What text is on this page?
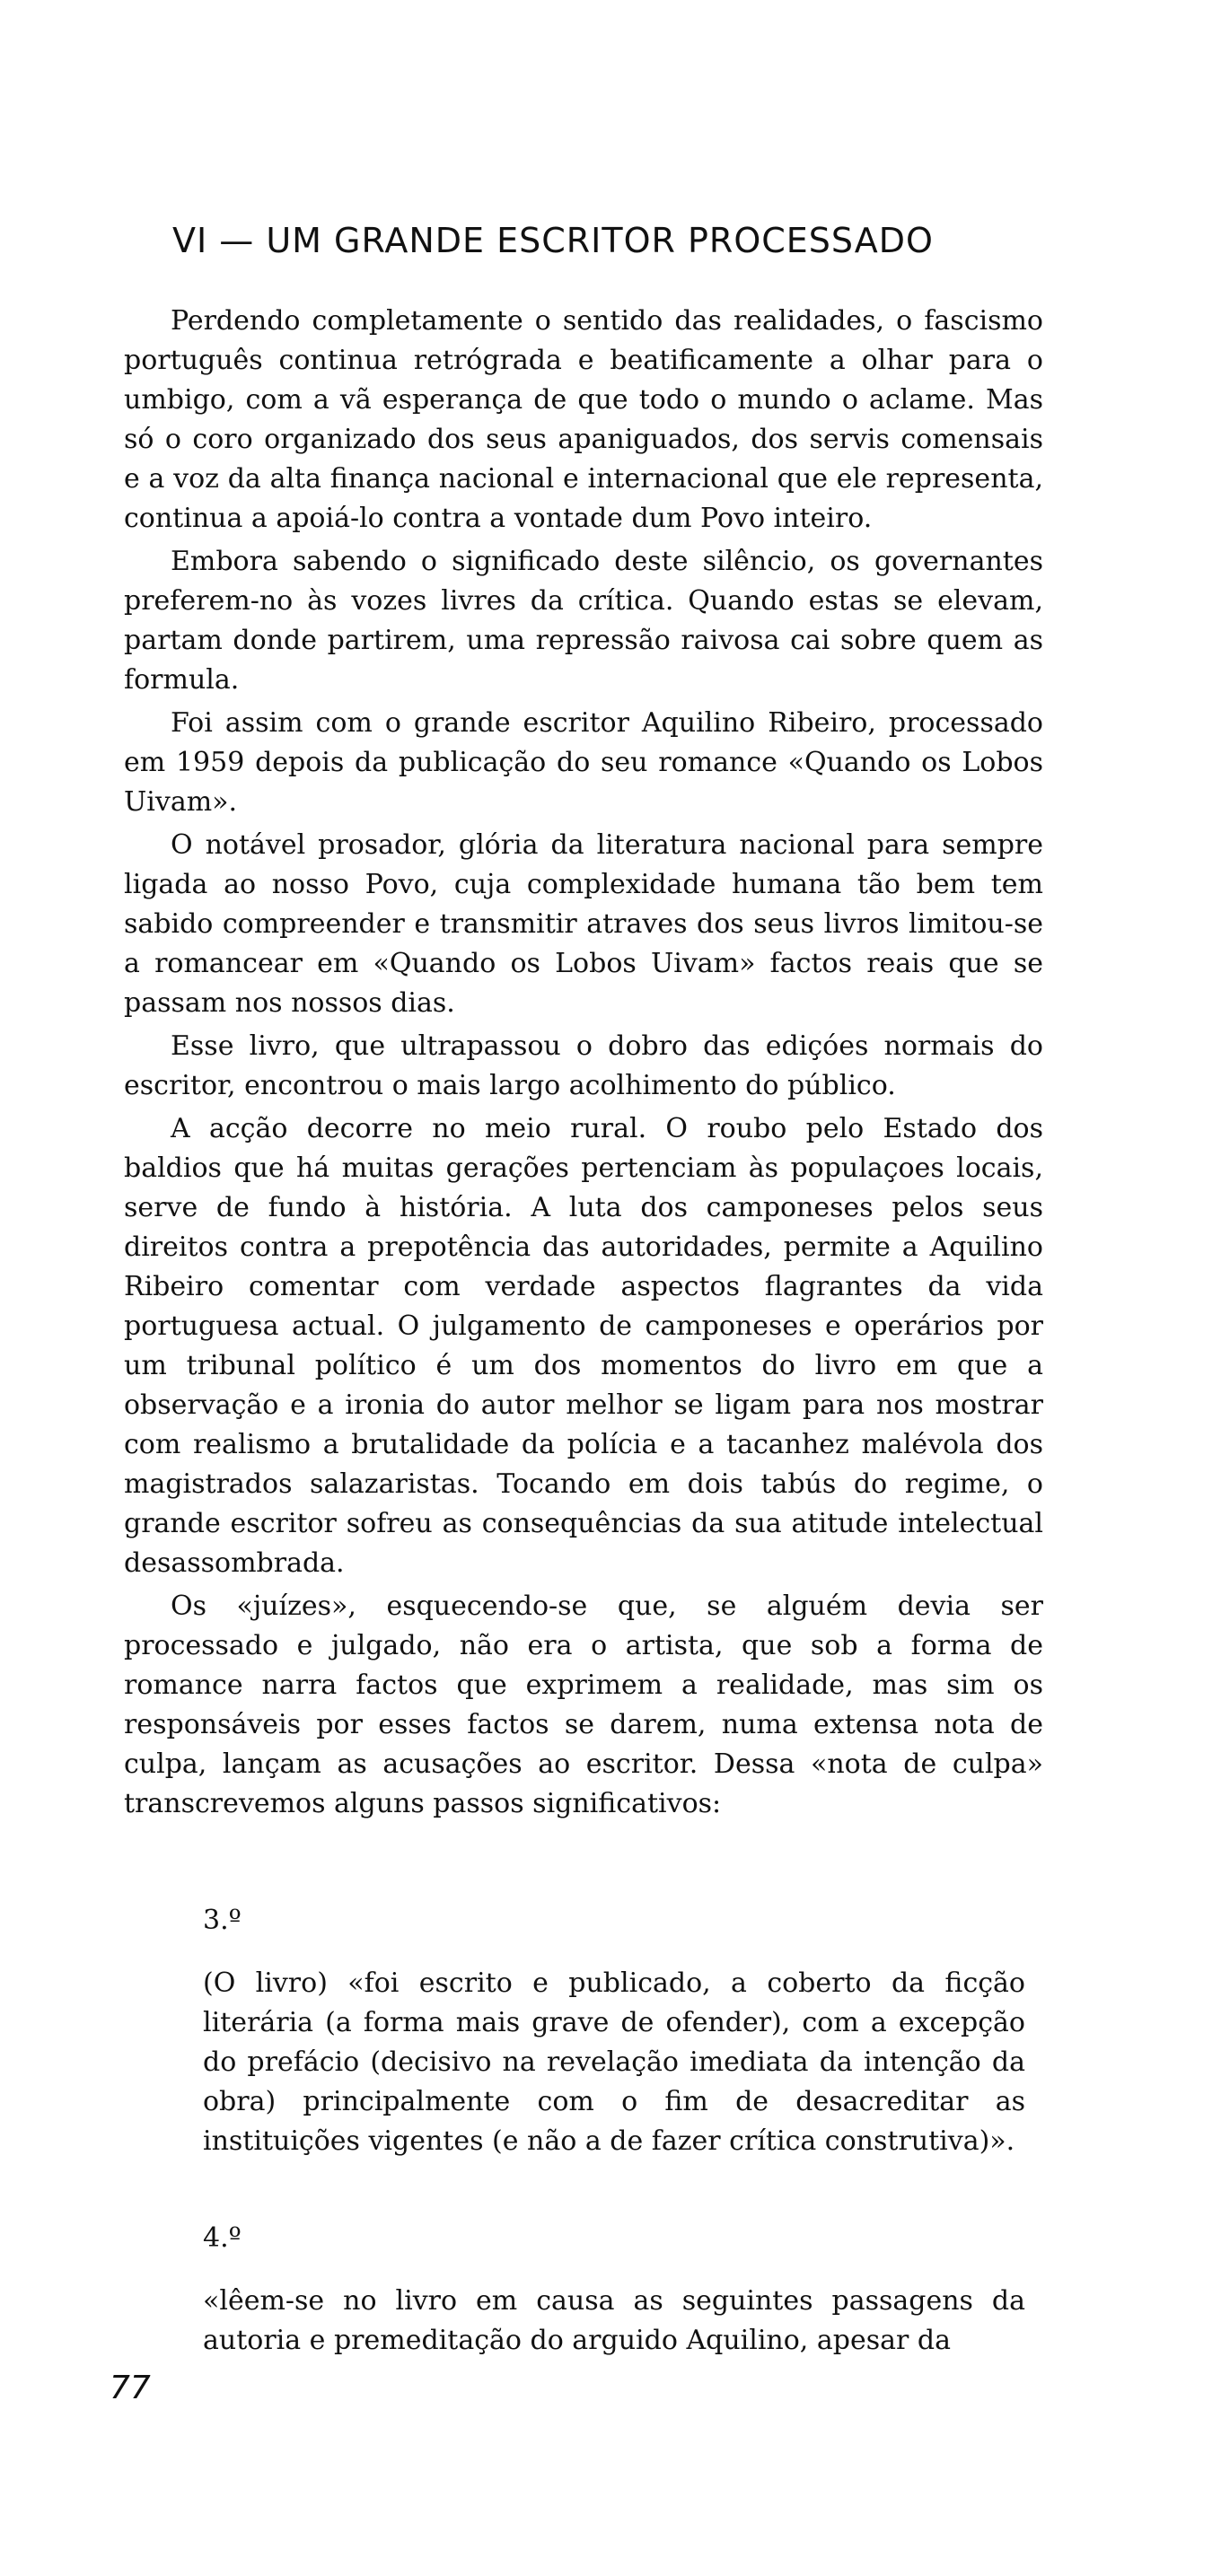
VI — UM GRANDE ESCRITOR PROCESSADO

Perdendo completamente o sentido das realidades, o fascismo português continua retrógrada e beatificamente a olhar para o umbigo, com a vã esperança de que todo o mundo o aclame. Mas só o coro organizado dos seus apaniguados, dos servis comensais e a voz da alta finança nacional e internacional que ele representa, continua a apoiá-lo contra a vontade dum Povo inteiro.

Embora sabendo o significado deste silêncio, os governantes preferem-no às vozes livres da crítica. Quando estas se elevam, partam donde partirem, uma repressão raivosa cai sobre quem as formula.

Foi assim com o grande escritor Aquilino Ribeiro, processado em 1959 depois da publicação do seu romance «Quando os Lobos Uivam».

O notável prosador, glória da literatura nacional para sempre ligada ao nosso Povo, cuja complexidade humana tão bem tem sabido compreender e transmitir atraves dos seus livros limitou-se a romancear em «Quando os Lobos Uivam» factos reais que se passam nos nossos dias.

Esse livro, que ultrapassou o dobro das ediçóes normais do escritor, encontrou o mais largo acolhimento do público.

A acção decorre no meio rural. O roubo pelo Estado dos baldios que há muitas gerações pertenciam às populaçoes locais, serve de fundo à história. A luta dos camponeses pelos seus direitos contra a prepotência das autoridades, permite a Aquilino Ribeiro comentar com verdade aspectos flagrantes da vida portuguesa actual. O julgamento de camponeses e operários por um tribunal político é um dos momentos do livro em que a observação e a ironia do autor melhor se ligam para nos mostrar com realismo a brutalidade da polícia e a tacanhez malévola dos magistrados salazaristas. Tocando em dois tabús do regime, o grande escritor sofreu as consequências da sua atitude intelectual desassombrada.

Os «juízes», esquecendo-se que, se alguém devia ser processado e julgado, não era o artista, que sob a forma de romance narra factos que exprimem a realidade, mas sim os responsáveis por esses factos se darem, numa extensa nota de culpa, lançam as acusações ao escritor. Dessa «nota de culpa» transcrevemos alguns passos significativos:

3.º
(O livro) «foi escrito e publicado, a coberto da ficção literária (a forma mais grave de ofender), com a excepção do prefácio (decisivo na revelação imediata da intenção da obra) principalmente com o fim de desacreditar as instituições vigentes (e não a de fazer crítica construtiva)».
4.º
«lêem-se no livro em causa as seguintes passagens da autoria e premeditação do arguido Aquilino, apesar da
77
